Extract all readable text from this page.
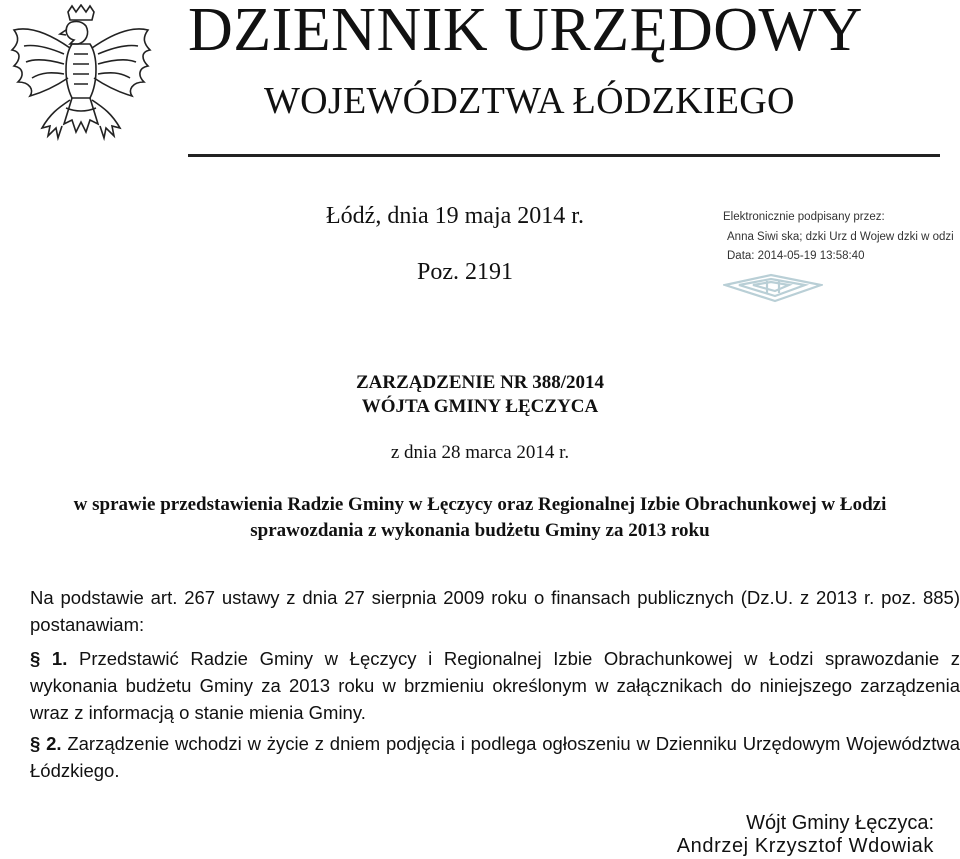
DZIENNIK URZĘDOWY
WOJEWÓDZTWA ŁÓDZKIEGO
Łódź, dnia 19 maja 2014 r.
Poz. 2191
Elektronicznie podpisany przez:
Anna Siwi ska; dzki Urz d Wojew dzki w odzi
Data: 2014-05-19 13:58:40
ZARZĄDZENIE NR 388/2014
WÓJTA GMINY ŁĘCZYCA
z dnia 28 marca 2014 r.
w sprawie przedstawienia Radzie Gminy w Łęczycy oraz Regionalnej Izbie Obrachunkowej w Łodzi
sprawozdania z wykonania budżetu Gminy za 2013 roku
Na podstawie art. 267 ustawy z dnia 27 sierpnia 2009 roku o finansach publicznych (Dz.U. z 2013 r. poz. 885) postanawiam:
§ 1. Przedstawić Radzie Gminy w Łęczycy i Regionalnej Izbie Obrachunkowej w Łodzi sprawozdanie z wykonania budżetu Gminy za 2013 roku w brzmieniu określonym w załącznikach do niniejszego zarządzenia wraz z informacją o stanie mienia Gminy.
§ 2. Zarządzenie wchodzi w życie z dniem podjęcia i podlega ogłoszeniu w Dzienniku Urzędowym Województwa Łódzkiego.
Wójt Gminy Łęczyca:
Andrzej Krzysztof Wdowiak
